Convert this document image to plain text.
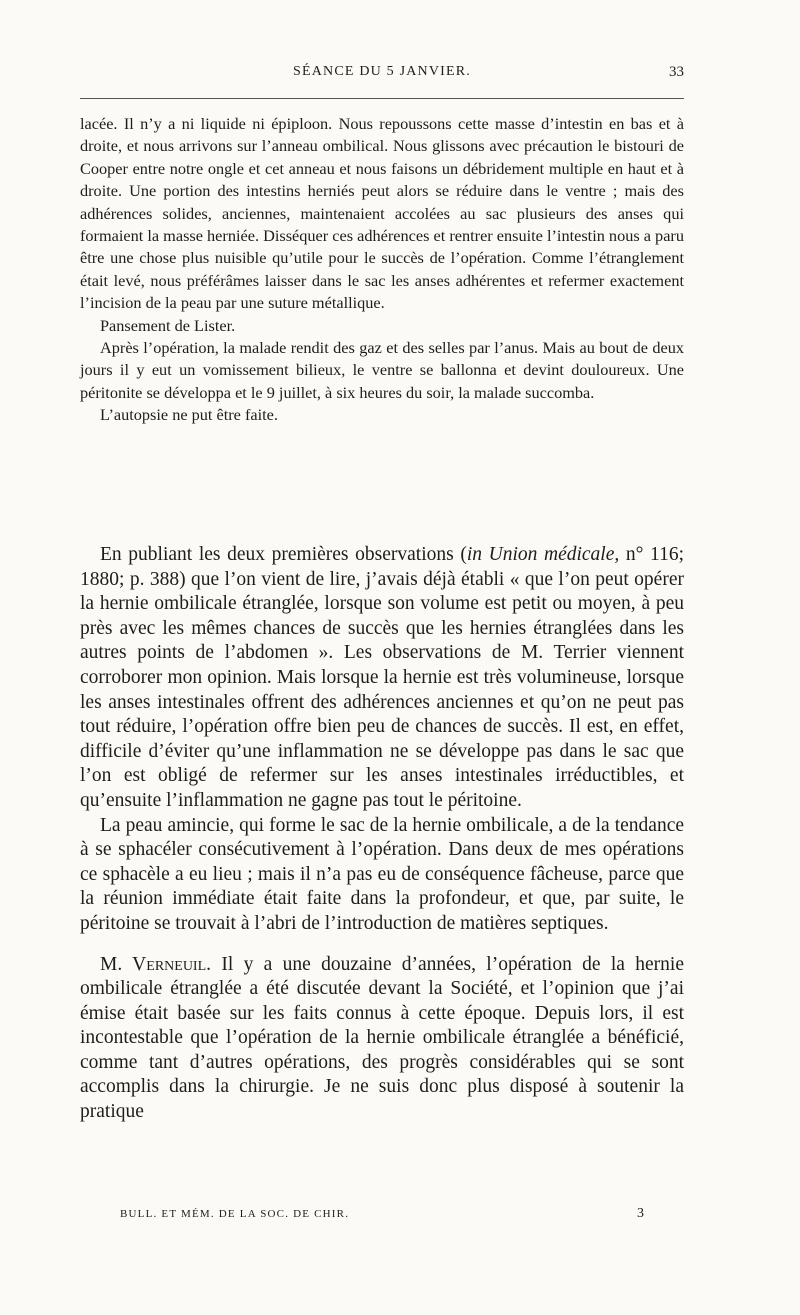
SÉANCE DU 5 JANVIER.	33

lacée. Il n’y a ni liquide ni épiploon. Nous repoussons cette masse d’intestin en bas et à droite, et nous arrivons sur l’anneau ombilical. Nous glissons avec précaution le bistouri de Cooper entre notre ongle et cet anneau et nous faisons un débridement multiple en haut et à droite. Une portion des intestins herniés peut alors se réduire dans le ventre ; mais des adhérences solides, anciennes, maintenaient accolées au sac plusieurs des anses qui formaient la masse herniée. Disséquer ces adhérences et rentrer ensuite l’intestin nous a paru être une chose plus nuisible qu’utile pour le succès de l’opération. Comme l’étranglement était levé, nous préférâmes laisser dans le sac les anses adhérentes et refermer exactement l’incision de la peau par une suture métallique.

Pansement de Lister.

Après l’opération, la malade rendit des gaz et des selles par l’anus. Mais au bout de deux jours il y eut un vomissement bilieux, le ventre se ballonna et devint douloureux. Une péritonite se développa et le 9 juillet, à six heures du soir, la malade succomba.

L’autopsie ne put être faite.

En publiant les deux premières observations (in Union médicale, n° 116; 1880; p. 388) que l’on vient de lire, j’avais déjà établi « que l’on peut opérer la hernie ombilicale étranglée, lorsque son volume est petit ou moyen, à peu près avec les mêmes chances de succès que les hernies étranglées dans les autres points de l’abdomen ». Les observations de M. Terrier viennent corroborer mon opinion. Mais lorsque la hernie est très volumineuse, lorsque les anses intestinales offrent des adhérences anciennes et qu’on ne peut pas tout réduire, l’opération offre bien peu de chances de succès. Il est, en effet, difficile d’éviter qu’une inflammation ne se développe pas dans le sac que l’on est obligé de refermer sur les anses intestinales irréductibles, et qu’ensuite l’inflammation ne gagne pas tout le péritoine.

La peau amincie, qui forme le sac de la hernie ombilicale, a de la tendance à se sphacéler consécutivement à l’opération. Dans deux de mes opérations ce sphacèle a eu lieu ; mais il n’a pas eu de conséquence fâcheuse, parce que la réunion immédiate était faite dans la profondeur, et que, par suite, le péritoine se trouvait à l’abri de l’introduction de matières septiques.

M. Verneuil. Il y a une douzaine d’années, l’opération de la hernie ombilicale étranglée a été discutée devant la Société, et l’opinion que j’ai émise était basée sur les faits connus à cette époque. Depuis lors, il est incontestable que l’opération de la hernie ombilicale étranglée a bénéficié, comme tant d’autres opérations, des progrès considérables qui se sont accomplis dans la chirurgie. Je ne suis donc plus disposé à soutenir la pratique

BULL. ET MÉM. DE LA SOC. DE CHIR.	3
